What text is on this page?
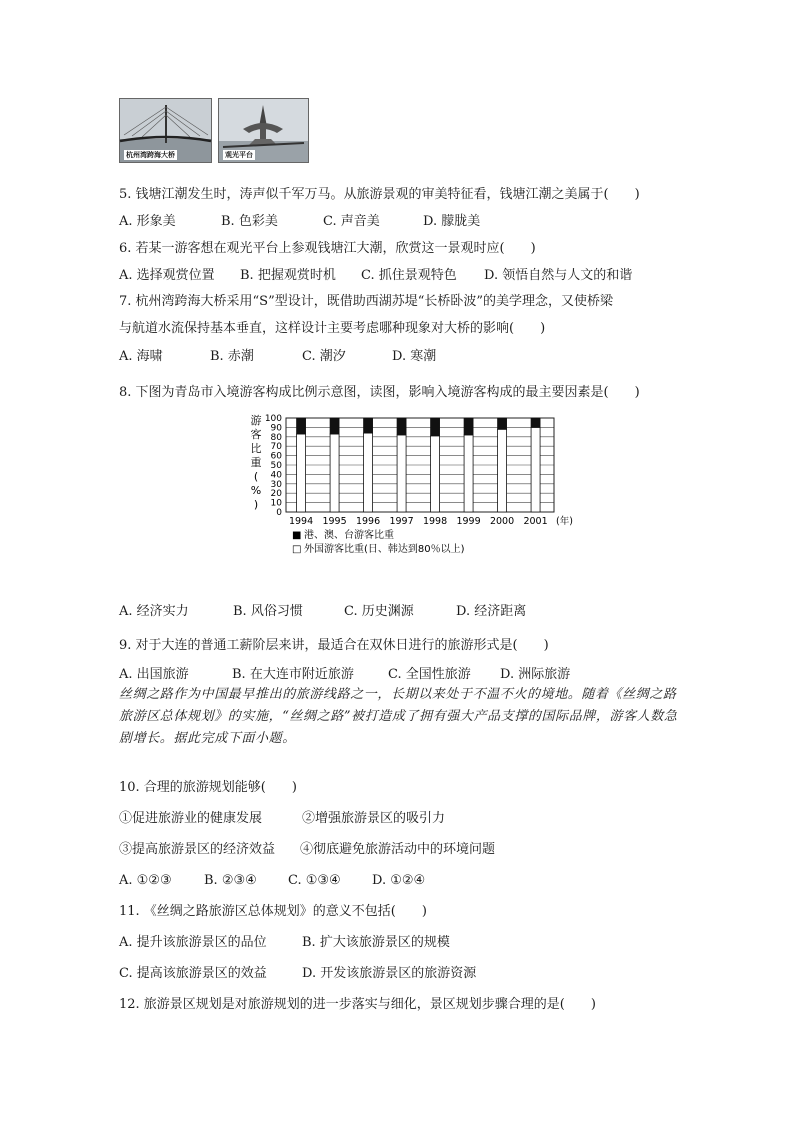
杭州湾跨海大桥	观光平台
5. 钱塘江潮发生时，涛声似千军万马。从旅游景观的审美特征看，钱塘江潮之美属于(　　)
A. 形象美	B. 色彩美	C. 声音美	D. 朦胧美
6. 若某一游客想在观光平台上参观钱塘江大潮，欣赏这一景观时应(　　)
A. 选择观赏位置 B. 把握观赏时机 C. 抓住景观特色 D. 领悟自然与人文的和谐
7. 杭州湾跨海大桥采用“S”型设计，既借助西湖苏堤“长桥卧波”的美学理念，又使桥梁
与航道水流保持基本垂直，这样设计主要考虑哪种现象对大桥的影响(　　)
A. 海啸	B. 赤潮	C. 潮汐	D. 寒潮
8. 下图为青岛市入境游客构成比例示意图，读图，影响入境游客构成的最主要因素是(　　)
游
客
比
重
(
%
)
0
10
20
30
40
50
60
70
80
90
100
1994 1995 1996 1997 1998 1999 2000 2001 (年)
■ 港、澳、台游客比重
□ 外国游客比重(日、韩达到80％以上)
A. 经济实力	B. 风俗习惯	C. 历史渊源	D. 经济距离
9. 对于大连的普通工薪阶层来讲，最适合在双休日进行的旅游形式是(　　)
A. 出国旅游	B. 在大连市附近旅游	C. 全国性旅游 D. 洲际旅游
丝绸之路作为中国最早推出的旅游线路之一，长期以来处于不温不火的境地。随着《丝绸之路旅游区总体规划》的实施，“丝绸之路”被打造成了拥有强大产品支撑的国际品牌，游客人数急剧增长。据此完成下面小题。
10. 合理的旅游规划能够(　　)
①促进旅游业的健康发展	②增强旅游景区的吸引力
③提高旅游景区的经济效益 ④彻底避免旅游活动中的环境问题
A. ①②③ B. ②③④ C. ①③④ D. ①②④
11. 《丝绸之路旅游区总体规划》的意义不包括(　　)
A. 提升该旅游景区的品位	B. 扩大该旅游景区的规模
C. 提高该旅游景区的效益	D. 开发该旅游景区的旅游资源
12. 旅游景区规划是对旅游规划的进一步落实与细化，景区规划步骤合理的是(　　)
